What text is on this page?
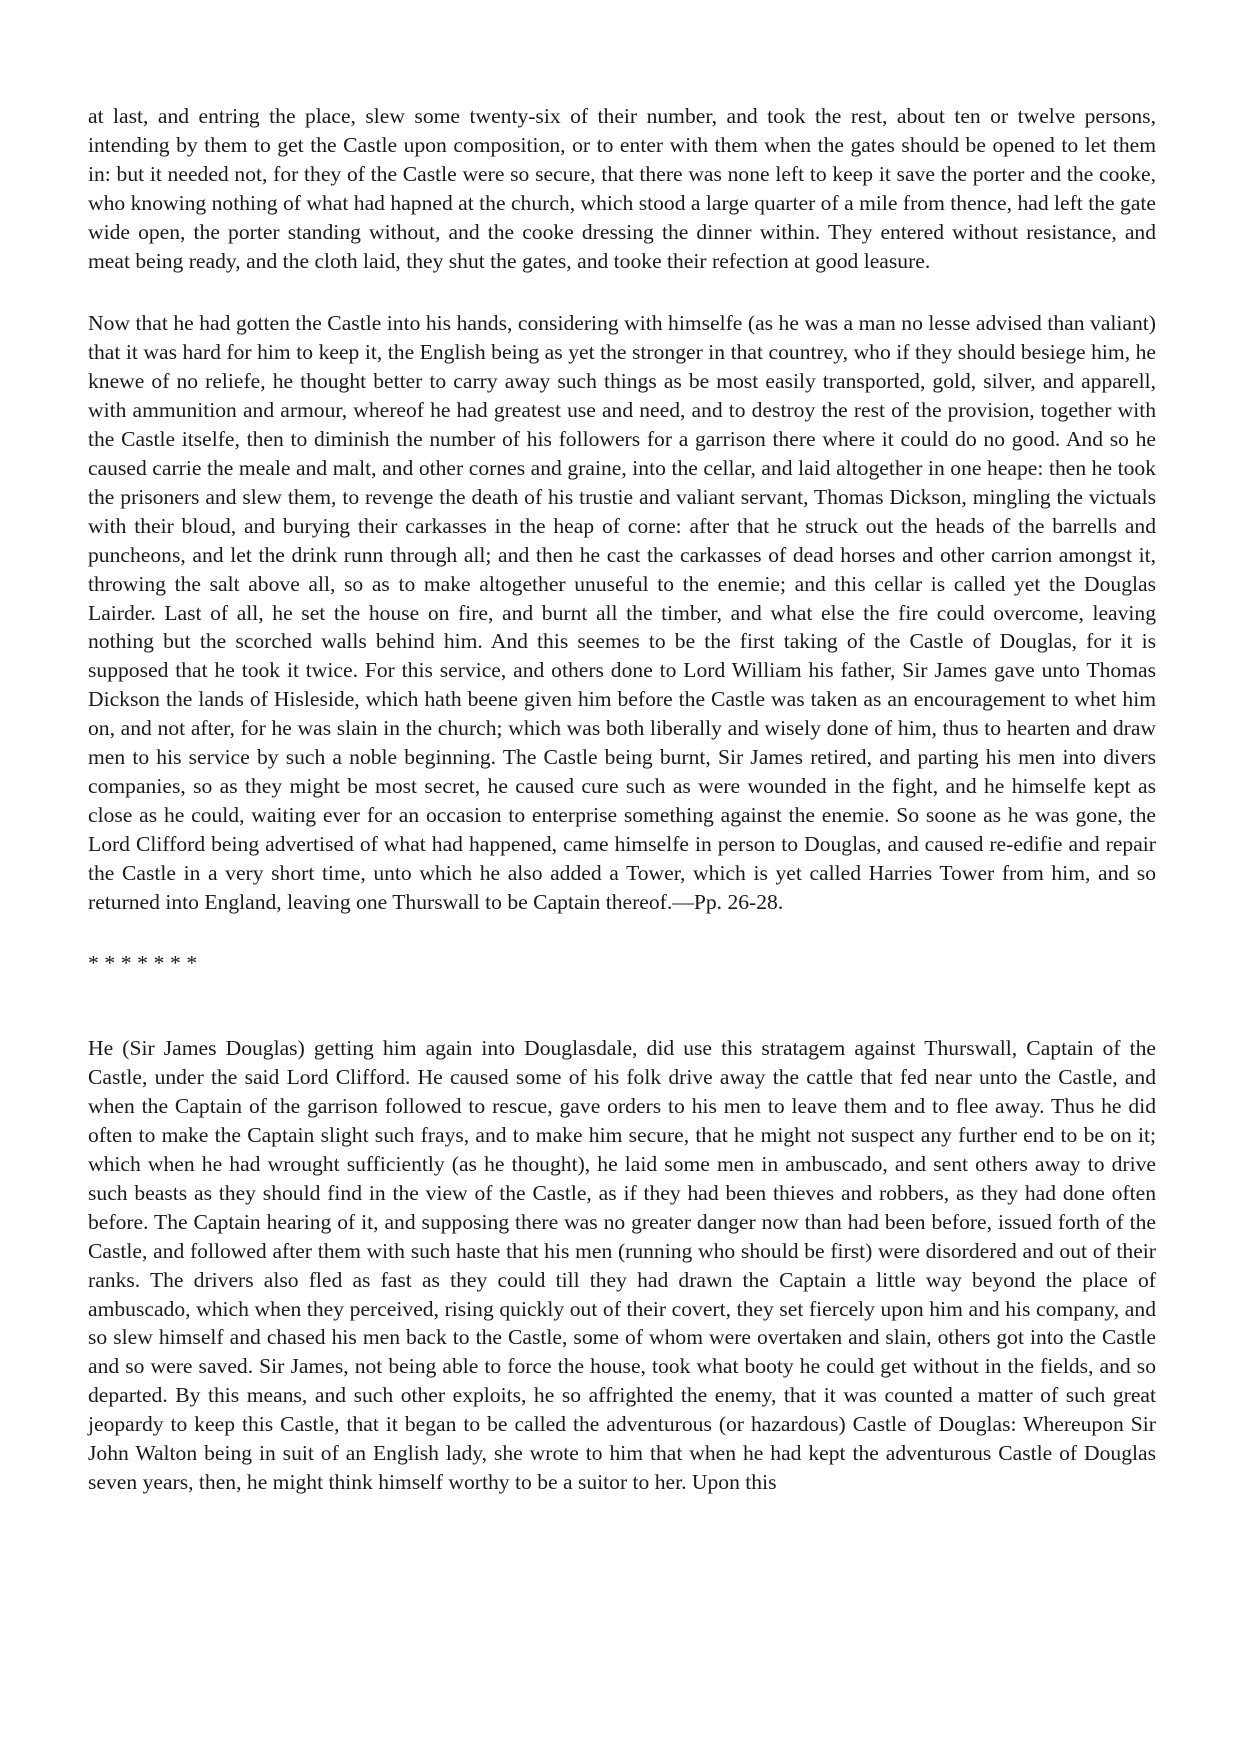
at last, and entring the place, slew some twenty-six of their number, and took the rest, about ten or twelve persons, intending by them to get the Castle upon composition, or to enter with them when the gates should be opened to let them in: but it needed not, for they of the Castle were so secure, that there was none left to keep it save the porter and the cooke, who knowing nothing of what had hapned at the church, which stood a large quarter of a mile from thence, had left the gate wide open, the porter standing without, and the cooke dressing the dinner within. They entered without resistance, and meat being ready, and the cloth laid, they shut the gates, and tooke their refection at good leasure.

Now that he had gotten the Castle into his hands, considering with himselfe (as he was a man no lesse advised than valiant) that it was hard for him to keep it, the English being as yet the stronger in that countrey, who if they should besiege him, he knewe of no reliefe, he thought better to carry away such things as be most easily transported, gold, silver, and apparell, with ammunition and armour, whereof he had greatest use and need, and to destroy the rest of the provision, together with the Castle itselfe, then to diminish the number of his followers for a garrison there where it could do no good. And so he caused carrie the meale and malt, and other cornes and graine, into the cellar, and laid altogether in one heape: then he took the prisoners and slew them, to revenge the death of his trustie and valiant servant, Thomas Dickson, mingling the victuals with their bloud, and burying their carkasses in the heap of corne: after that he struck out the heads of the barrells and puncheons, and let the drink runn through all; and then he cast the carkasses of dead horses and other carrion amongst it, throwing the salt above all, so as to make altogether unuseful to the enemie; and this cellar is called yet the Douglas Lairder. Last of all, he set the house on fire, and burnt all the timber, and what else the fire could overcome, leaving nothing but the scorched walls behind him. And this seemes to be the first taking of the Castle of Douglas, for it is supposed that he took it twice. For this service, and others done to Lord William his father, Sir James gave unto Thomas Dickson the lands of Hisleside, which hath beene given him before the Castle was taken as an encouragement to whet him on, and not after, for he was slain in the church; which was both liberally and wisely done of him, thus to hearten and draw men to his service by such a noble beginning. The Castle being burnt, Sir James retired, and parting his men into divers companies, so as they might be most secret, he caused cure such as were wounded in the fight, and he himselfe kept as close as he could, waiting ever for an occasion to enterprise something against the enemie. So soone as he was gone, the Lord Clifford being advertised of what had happened, came himselfe in person to Douglas, and caused re-edifie and repair the Castle in a very short time, unto which he also added a Tower, which is yet called Harries Tower from him, and so returned into England, leaving one Thurswall to be Captain thereof.—Pp. 26-28.

* * * * * * *

He (Sir James Douglas) getting him again into Douglasdale, did use this stratagem against Thurswall, Captain of the Castle, under the said Lord Clifford. He caused some of his folk drive away the cattle that fed near unto the Castle, and when the Captain of the garrison followed to rescue, gave orders to his men to leave them and to flee away. Thus he did often to make the Captain slight such frays, and to make him secure, that he might not suspect any further end to be on it; which when he had wrought sufficiently (as he thought), he laid some men in ambuscado, and sent others away to drive such beasts as they should find in the view of the Castle, as if they had been thieves and robbers, as they had done often before. The Captain hearing of it, and supposing there was no greater danger now than had been before, issued forth of the Castle, and followed after them with such haste that his men (running who should be first) were disordered and out of their ranks. The drivers also fled as fast as they could till they had drawn the Captain a little way beyond the place of ambuscado, which when they perceived, rising quickly out of their covert, they set fiercely upon him and his company, and so slew himself and chased his men back to the Castle, some of whom were overtaken and slain, others got into the Castle and so were saved. Sir James, not being able to force the house, took what booty he could get without in the fields, and so departed. By this means, and such other exploits, he so affrighted the enemy, that it was counted a matter of such great jeopardy to keep this Castle, that it began to be called the adventurous (or hazardous) Castle of Douglas: Whereupon Sir John Walton being in suit of an English lady, she wrote to him that when he had kept the adventurous Castle of Douglas seven years, then, he might think himself worthy to be a suitor to her. Upon this
